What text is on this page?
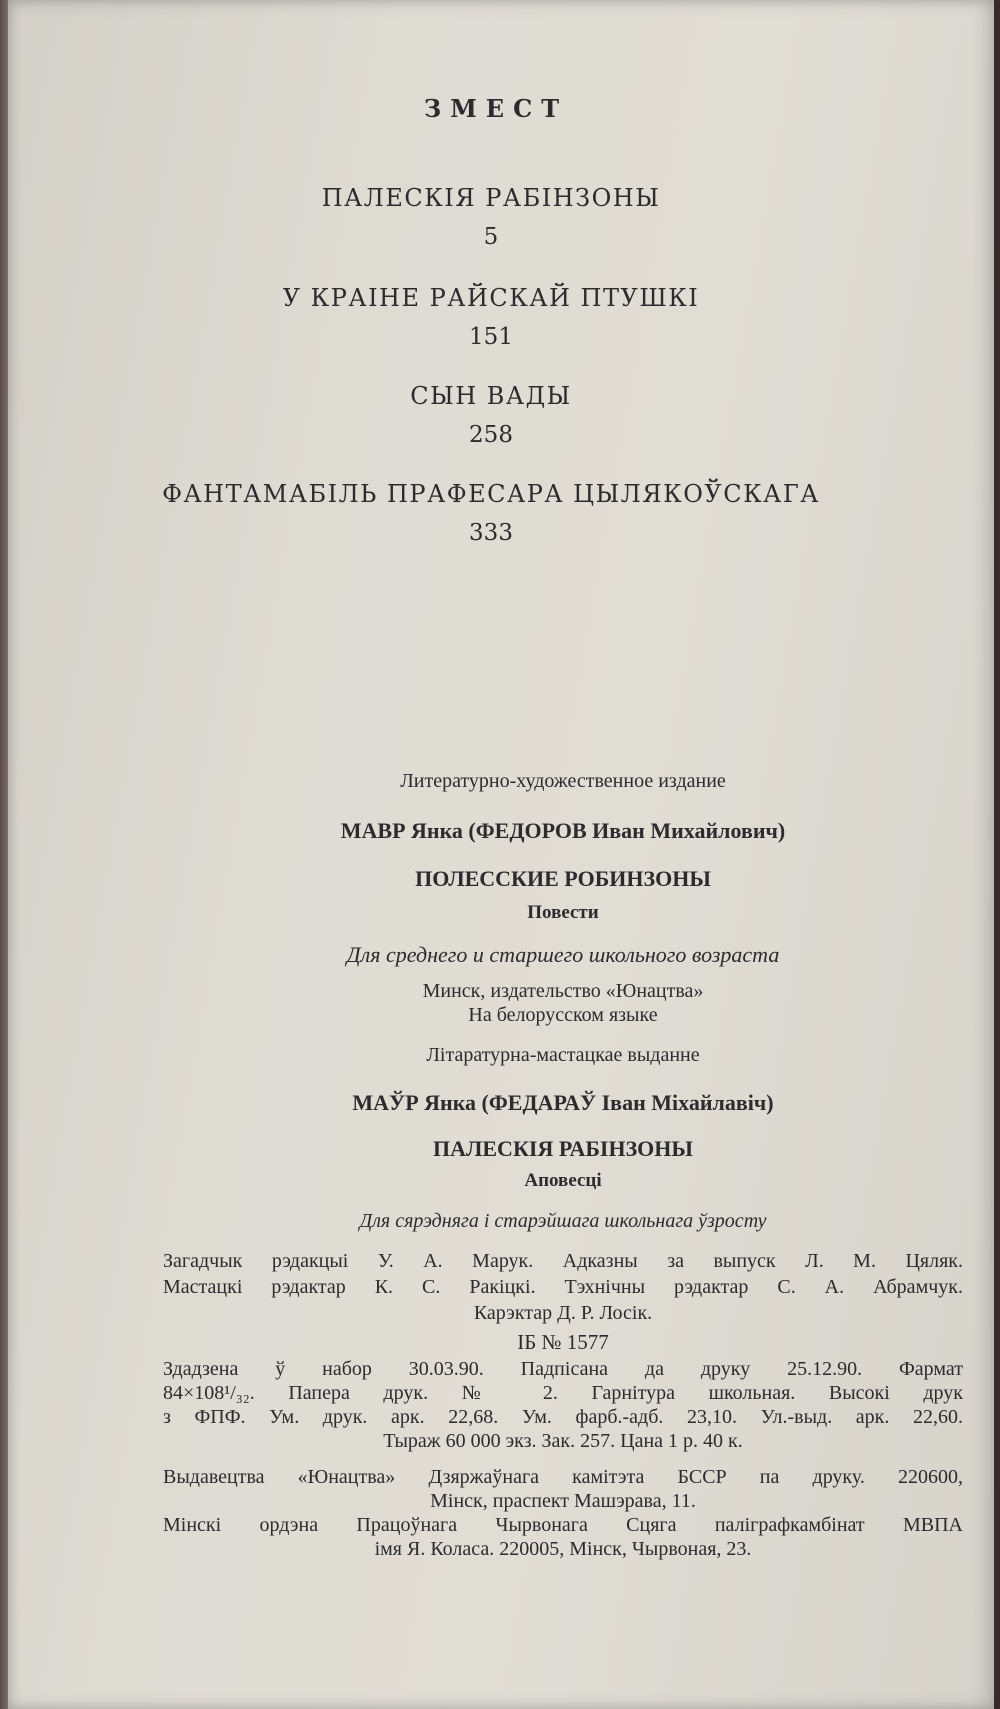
ЗМЕСТ
ПАЛЕСКІЯ РАБІНЗОНЫ
5
У КРАІНЕ РАЙСКАЙ ПТУШКІ
151
СЫН ВАДЫ
258
ФАНТАМАБІЛЬ ПРАФЕСАРА ЦЫЛЯКОЎСКАГА
333
Литературно-художественное издание
МАВР Янка (ФЕДОРОВ Иван Михайлович)
ПОЛЕССКИЕ РОБИНЗОНЫ
Повести
Для среднего и старшего школьного возраста
Минск, издательство «Юнацтва»
На белорусском языке
Літаратурна-мастацкае выданне
МАЎР Янка (ФЕДАРАЎ Іван Міхайлавіч)
ПАЛЕСКІЯ РАБІНЗОНЫ
Аповесці
Для сярэдняга і старэйшага школьнага ўзросту
Загадчык рэдакцыі У. А. Марук. Адказны за выпуск Л. М. Цяляк.
Мастацкі рэдактар К. С. Ракіцкі. Тэхнічны рэдактар С. А. Абрамчук.
Карэктар Д. Р. Лосік.
ІБ № 1577
Здадзена ў набор 30.03.90. Падпісана да друку 25.12.90. Фармат
84×108¹/₃₂. Папера друк. № 2. Гарнітура школьная. Высокі друк
з ФПФ. Ум. друк. арк. 22,68. Ум. фарб.-адб. 23,10. Ул.-выд. арк. 22,60.
Тыраж 60 000 экз. Зак. 257. Цана 1 р. 40 к.
Выдавецтва «Юнацтва» Дзяржаўнага камітэта БССР па друку. 220600,
Мінск, праспект Машэрава, 11.
Мінскі ордэна Працоўнага Чырвонага Сцяга паліграфкамбінат МВПА
імя Я. Коласа. 220005, Мінск, Чырвоная, 23.
